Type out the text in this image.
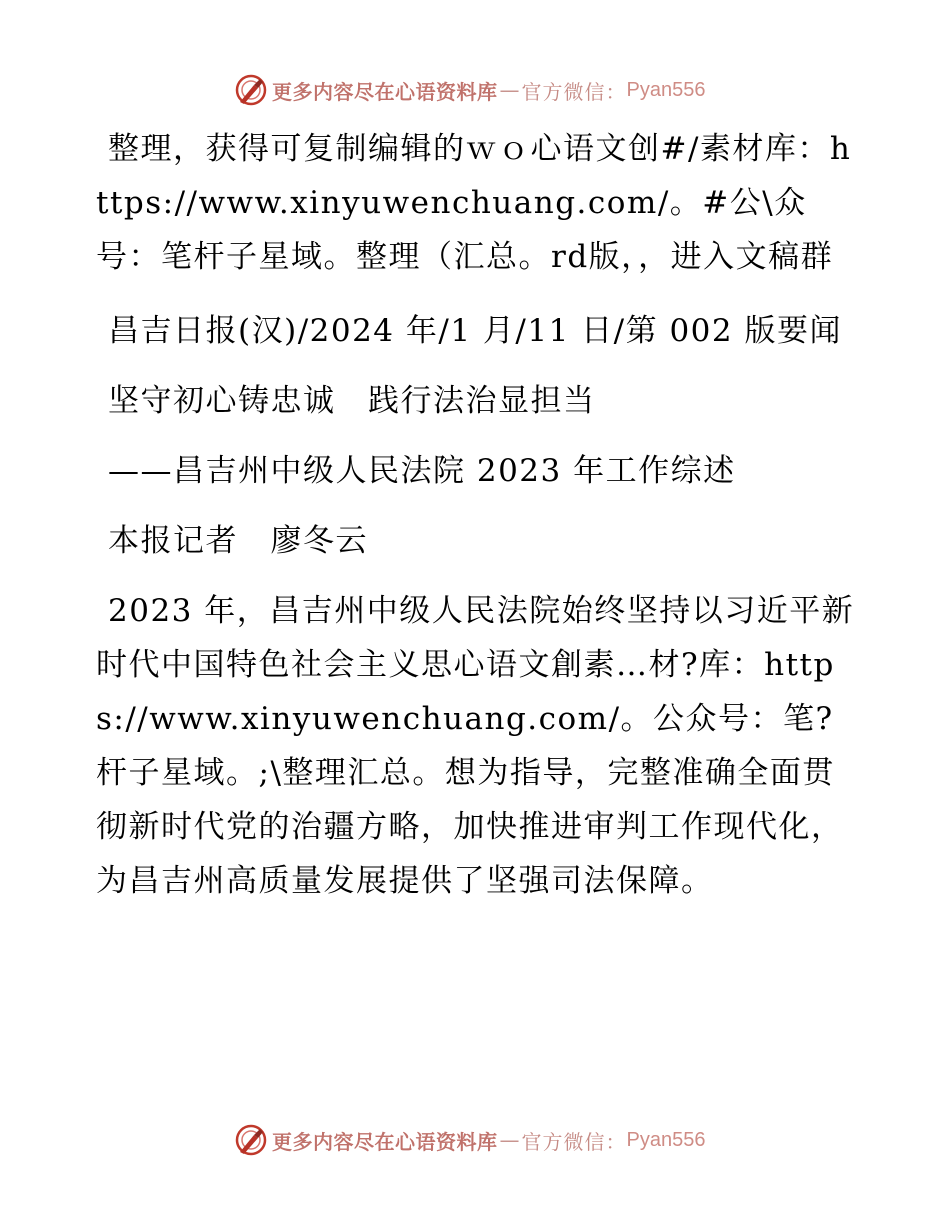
更多内容尽在心语资料库 — 官方微信： Pyan556

整理，获得可复制编辑的ｗｏ心语文创#/素材库：https://www.xinyuwenchuang.com/。#公\众号：笔杆子星域。整理（汇总。rd版，，进入文稿群

昌吉日报(汉)/2024 年/1 月/11 日/第 002 版要闻

坚守初心铸忠诚　践行法治显担当

——昌吉州中级人民法院 2023 年工作综述

本报记者　廖冬云

2023 年，昌吉州中级人民法院始终坚持以习近平新时代中国特色社会主义思心语文創素…材?库：https://www.xinyuwenchuang.com/。公众号：笔?杆子星域。;\整理汇总。想为指导，完整准确全面贯彻新时代党的治疆方略，加快推进审判工作现代化，为昌吉州高质量发展提供了坚强司法保障。

更多内容尽在心语资料库 — 官方微信： Pyan556
